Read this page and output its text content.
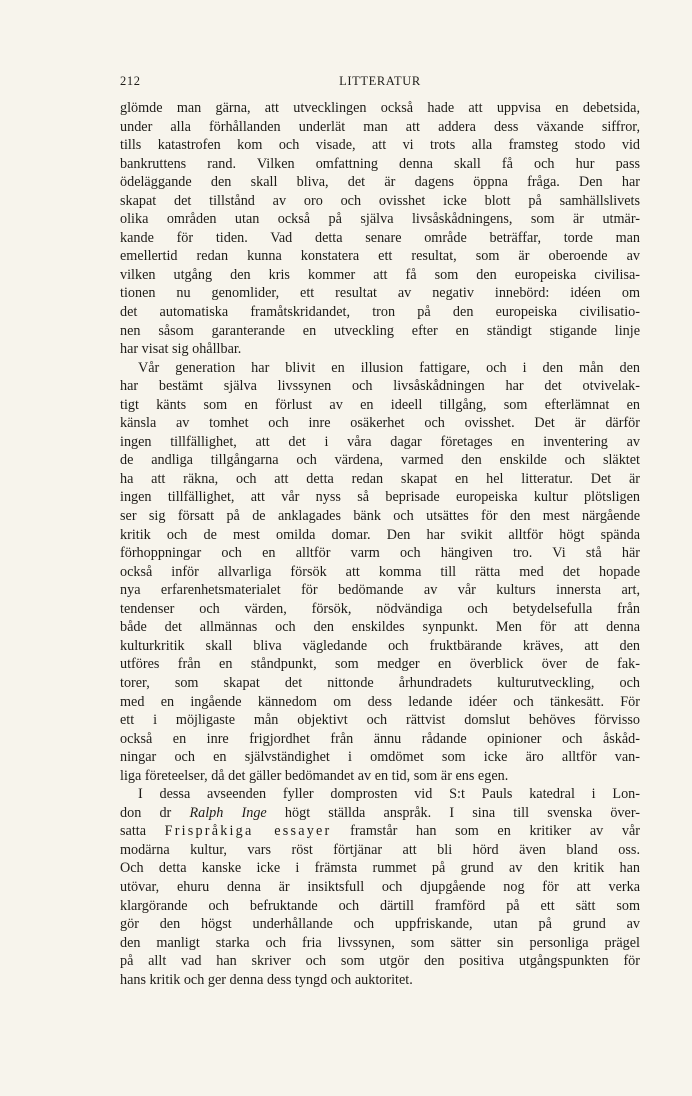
212	LITTERATUR
glömde man gärna, att utvecklingen också hade att uppvisa en debetsida,
under alla förhållanden underlät man att addera dess växande siffror,
tills katastrofen kom och visade, att vi trots alla framsteg stodo vid
bankruttens rand. Vilken omfattning denna skall få och hur pass
ödeläggande den skall bliva, det är dagens öppna fråga. Den har
skapat det tillstånd av oro och ovisshet icke blott på samhällslivets
olika områden utan också på själva livsåskådningens, som är utmär-
kande för tiden. Vad detta senare område beträffar, torde man
emellertid redan kunna konstatera ett resultat, som är oberoende av
vilken utgång den kris kommer att få som den europeiska civilisa-
tionen nu genomlider, ett resultat av negativ innebörd: idéen om
det automatiska framåtskridandet, tron på den europeiska civilisatio-
nen såsom garanterande en utveckling efter en ständigt stigande linje
har visat sig ohållbar.
Vår generation har blivit en illusion fattigare, och i den mån den
har bestämt själva livssynen och livsåskådningen har det otvivelak-
tigt känts som en förlust av en ideell tillgång, som efterlämnat en
känsla av tomhet och inre osäkerhet och ovisshet. Det är därför
ingen tillfällighet, att det i våra dagar företages en inventering av
de andliga tillgångarna och värdena, varmed den enskilde och släktet
ha att räkna, och att detta redan skapat en hel litteratur. Det är
ingen tillfällighet, att vår nyss så beprisade europeiska kultur plötsligen
ser sig försatt på de anklagades bänk och utsättes för den mest närgående
kritik och de mest omilda domar. Den har svikit alltför högt spända
förhoppningar och en alltför varm och hängiven tro. Vi stå här
också inför allvarliga försök att komma till rätta med det hopade
nya erfarenhetsmaterialet för bedömande av vår kulturs innersta art,
tendenser och värden, försök, nödvändiga och betydelsefulla från
både det allmännas och den enskildes synpunkt. Men för att denna
kulturkritik skall bliva vägledande och fruktbärande kräves, att den
utföres från en ståndpunkt, som medger en överblick över de fak-
torer, som skapat det nittonde århundradets kulturutveckling, och
med en ingående kännedom om dess ledande idéer och tänkesätt. För
ett i möjligaste mån objektivt och rättvist domslut behöves förvisso
också en inre frigjordhet från ännu rådande opinioner och åskåd-
ningar och en självständighet i omdömet som icke äro alltför van-
liga företeelser, då det gäller bedömandet av en tid, som är ens egen.
I dessa avseenden fyller domprosten vid S:t Pauls katedral i Lon-
don dr Ralph Inge högt ställda anspråk. I sina till svenska över-
satta Frispråkiga essayer framstår han som en kritiker av vår
modärna kultur, vars röst förtjänar att bli hörd även bland oss.
Och detta kanske icke i främsta rummet på grund av den kritik han
utövar, ehuru denna är insiktsfull och djupgående nog för att verka
klargörande och befruktande och därtill framförd på ett sätt som
gör den högst underhållande och uppfriskande, utan på grund av
den manligt starka och fria livssynen, som sätter sin personliga prägel
på allt vad han skriver och som utgör den positiva utgångspunkten för
hans kritik och ger denna dess tyngd och auktoritet.
